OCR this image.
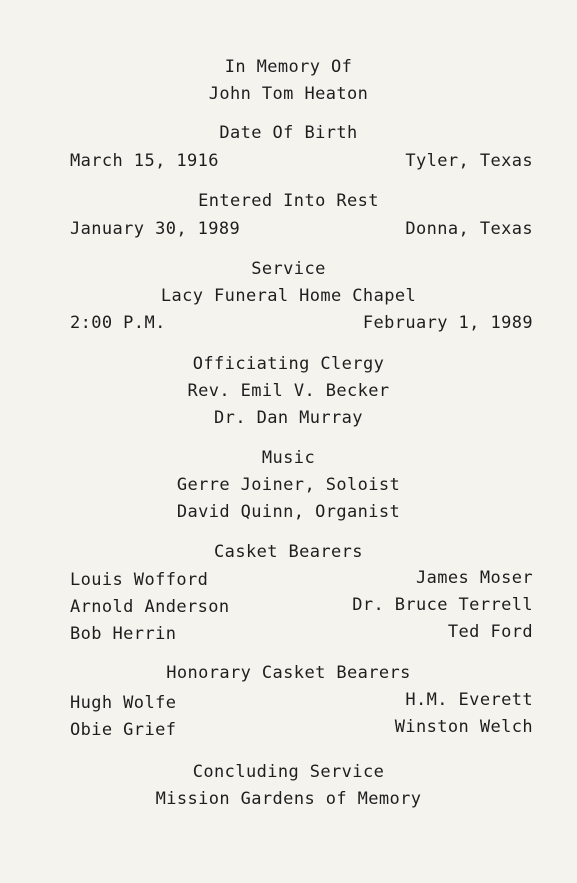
In Memory Of
John Tom Heaton
Date Of Birth
March 15, 1916	Tyler, Texas
Entered Into Rest
January 30, 1989	Donna, Texas
Service
Lacy Funeral Home Chapel
2:00 P.M.	February 1, 1989
Officiating Clergy
Rev. Emil V. Becker
Dr. Dan Murray
Music
Gerre Joiner, Soloist
David Quinn, Organist
Casket Bearers
Louis Wofford	James Moser
Arnold Anderson	Dr. Bruce Terrell
Bob Herrin	Ted Ford
Honorary Casket Bearers
Hugh Wolfe	H.M. Everett
Obie Grief	Winston Welch
Concluding Service
Mission Gardens of Memory
